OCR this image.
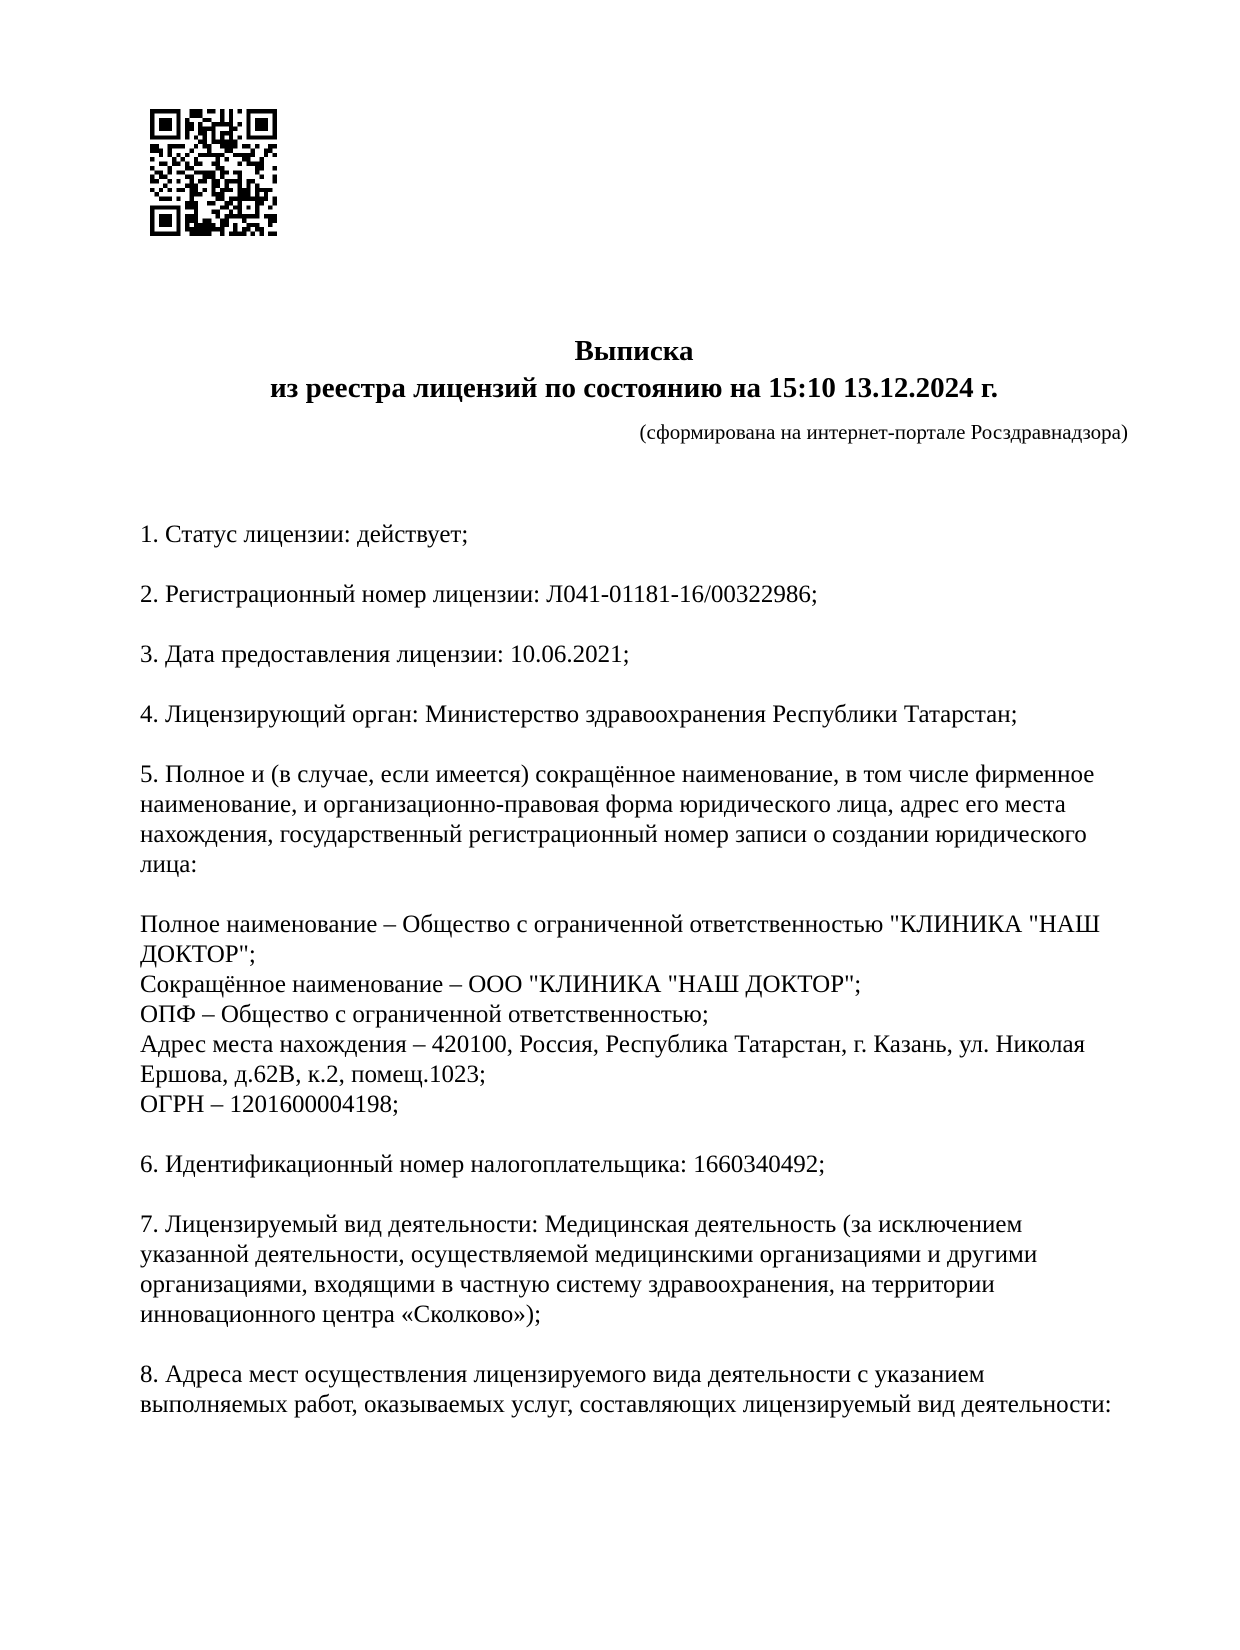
Выписка
из реестра лицензий по состоянию на 15:10 13.12.2024 г.
(сформирована на интернет-портале Росздравнадзора)

1. Статус лицензии: действует;

2. Регистрационный номер лицензии: Л041-01181-16/00322986;

3. Дата предоставления лицензии: 10.06.2021;

4. Лицензирующий орган: Министерство здравоохранения Республики Татарстан;

5. Полное и (в случае, если имеется) сокращённое наименование, в том числе фирменное наименование, и организационно-правовая форма юридического лица, адрес его места нахождения, государственный регистрационный номер записи о создании юридического лица:

Полное наименование – Общество с ограниченной ответственностью "КЛИНИКА "НАШ ДОКТОР";
Сокращённое наименование – ООО "КЛИНИКА "НАШ ДОКТОР";
ОПФ – Общество с ограниченной ответственностью;
Адрес места нахождения – 420100, Россия, Республика Татарстан, г. Казань, ул. Николая Ершова, д.62В, к.2, помещ.1023;
ОГРН – 1201600004198;

6. Идентификационный номер налогоплательщика: 1660340492;

7. Лицензируемый вид деятельности: Медицинская деятельность (за исключением указанной деятельности, осуществляемой медицинскими организациями и другими организациями, входящими в частную систему здравоохранения, на территории инновационного центра «Сколково»);

8. Адреса мест осуществления лицензируемого вида деятельности с указанием выполняемых работ, оказываемых услуг, составляющих лицензируемый вид деятельности:
